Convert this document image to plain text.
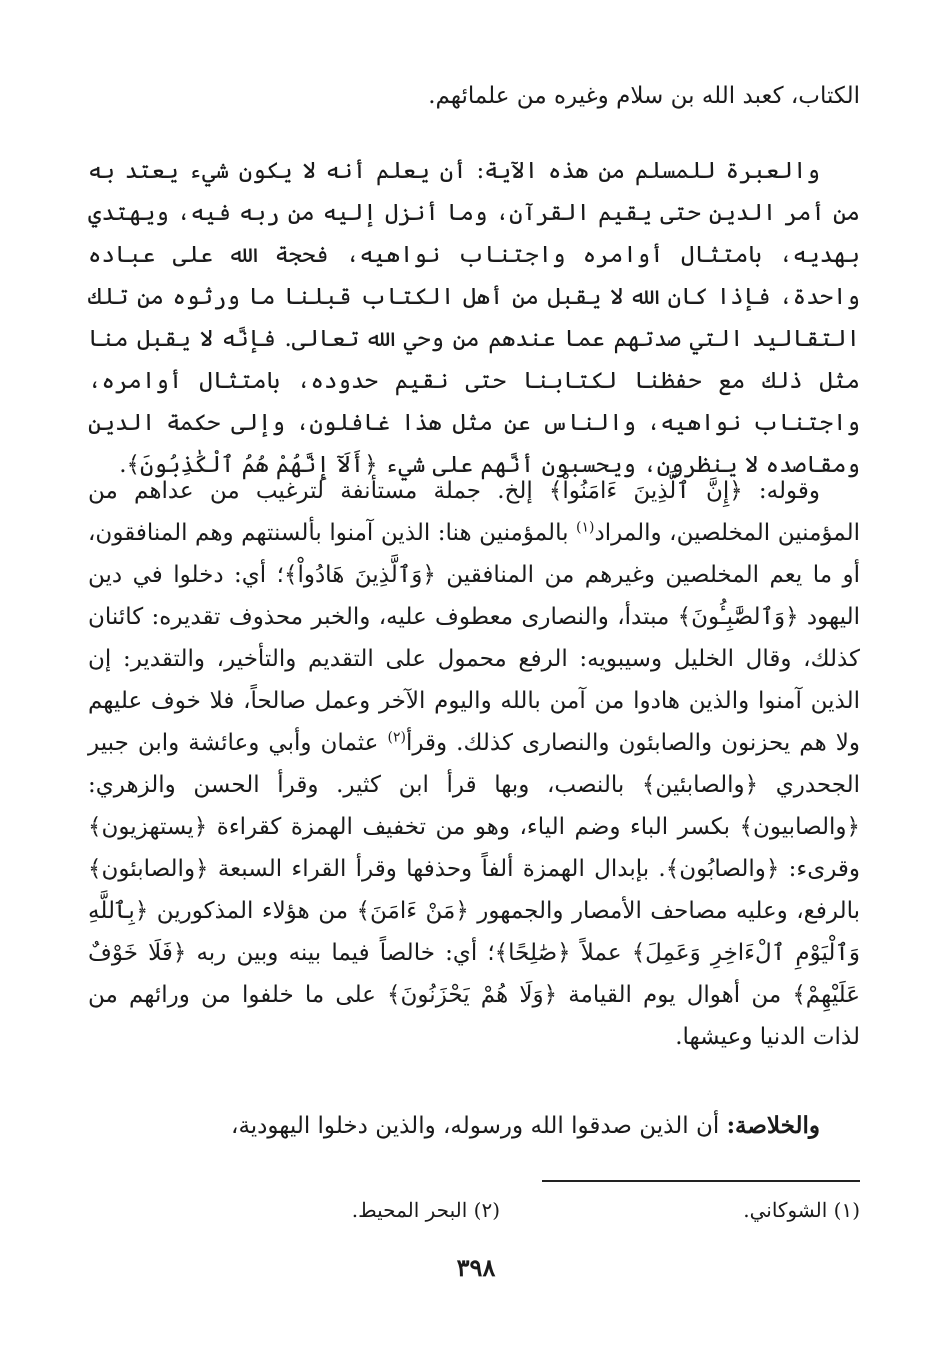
الكتاب، كعبد الله بن سلام وغيره من علمائهم.

والعبرة للمسلم من هذه الآية: أن يعلم أنه لا يكون شيء يعتد به من أمر الدين حتى يقيم القرآن، وما أنزل إليه من ربه فيه، ويهتدي بهديه، بامتثال أوامره واجتناب نواهيه، فحجة الله على عباده واحدة، فإذا كان الله لا يقبل من أهل الكتاب قبلنا ما ورثوه من تلك التقاليد التي صدتهم عما عندهم من وحي الله تعالى. فإنَّه لا يقبل منا مثل ذلك مع حفظنا لكتابنا حتى نقيم حدوده، بامتثال أوامره، واجتناب نواهيه، والناس عن مثل هذا غافلون، وإلى حكمة الدين ومقاصده لا ينظرون، ويحسبون أنَّهم على شيء ﴿أَلَآ إِنَّهُمْ هُمُ ٱلْكَٰذِبُونَ﴾.

وقوله: ﴿إِنَّ ٱلَّذِينَ ءَامَنُواْ﴾ إلخ. جملة مستأنفة لترغيب من عداهم من المؤمنين المخلصين، والمراد$^{(١)}$ بالمؤمنين هنا: الذين آمنوا بألسنتهم وهم المنافقون، أو ما يعم المخلصين وغيرهم من المنافقين ﴿وَٱلَّذِينَ هَادُواْ﴾؛ أي: دخلوا في دين اليهود ﴿وَٱلصَّٰبِـُٔونَ﴾ مبتدأ، والنصارى معطوف عليه، والخبر محذوف تقديره: كائنان كذلك، وقال الخليل وسيبويه: الرفع محمول على التقديم والتأخير، والتقدير: إن الذين آمنوا والذين هادوا من آمن بالله واليوم الآخر وعمل صالحاً، فلا خوف عليهم ولا هم يحزنون والصابئون والنصارى كذلك. وقرأ$^{(٢)}$ عثمان وأبي وعائشة وابن جبير الجحدري ﴿والصابئين﴾ بالنصب، وبها قرأ ابن كثير. وقرأ الحسن والزهري: ﴿والصابيون﴾ بكسر الباء وضم الياء، وهو من تخفيف الهمزة كقراءة ﴿يستهزيون﴾ وقرىء: ﴿والصابُون﴾. بإبدال الهمزة ألفاً وحذفها وقرأ القراء السبعة ﴿والصابئون﴾ بالرفع، وعليه مصاحف الأمصار والجمهور ﴿مَنْ ءَامَنَ﴾ من هؤلاء المذكورين ﴿بِٱللَّهِ وَٱلْيَوْمِ ٱلْءَاخِرِ وَعَمِلَ﴾ عملاً ﴿صَٰلِحًا﴾؛ أي: خالصاً فيما بينه وبين ربه ﴿فَلَا خَوْفٌ عَلَيْهِمْ﴾ من أهوال يوم القيامة ﴿وَلَا هُمْ يَحْزَنُونَ﴾ على ما خلفوا من ورائهم من لذات الدنيا وعيشها.

والخلاصة: أن الذين صدقوا الله ورسوله، والذين دخلوا اليهودية،

(١) الشوكاني.
(٢) البحر المحيط.
٣٩٨
